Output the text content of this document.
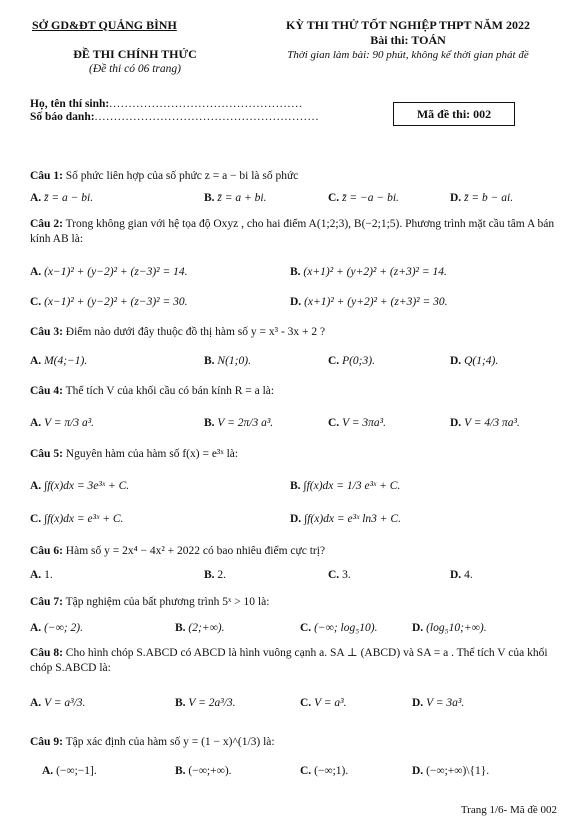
SỞ GD&ĐT QUẢNG BÌNH
ĐỀ THI CHÍNH THỨC
(Đề thi có 06 trang)
KỲ THI THỬ TỐT NGHIỆP THPT NĂM 2022
Bài thi: TOÁN
Thời gian làm bài: 90 phút, không kể thời gian phát đề
Họ, tên thí sinh:..................................................
Số báo danh:..........................................................	Mã đề thi: 002
Câu 1: Số phức liên hợp của số phức z = a − bi là số phức
A. z̄ = a − bi.	B. z̄ = a + bi.	C. z̄ = −a − bi.	D. z̄ = b − ai.
Câu 2: Trong không gian với hệ tọa độ Oxyz , cho hai điểm A(1;2;3), B(−2;1;5). Phương trình mặt cầu tâm A bán kính AB là:
A. (x−1)² + (y−2)² + (z−3)² = 14.	B. (x+1)² + (y+2)² + (z+3)² = 14.
C. (x−1)² + (y−2)² + (z−3)² = 30.	D. (x+1)² + (y+2)² + (z+3)² = 30.
Câu 3: Điểm nào dưới đây thuộc đồ thị hàm số y = x³ - 3x + 2 ?
A. M(4;−1).	B. N(1;0).	C. P(0;3).	D. Q(1;4).
Câu 4: Thể tích V của khối cầu có bán kính R = a là:
A. V = π/3 a³.	B. V = 2π/3 a³.	C. V = 3πa³.	D. V = 4/3 πa³.
Câu 5: Nguyên hàm của hàm số f(x) = e³ˣ là:
A. ∫f(x)dx = 3e³ˣ + C.	B. ∫f(x)dx = 1/3 e³ˣ + C.
C. ∫f(x)dx = e³ˣ + C.	D. ∫f(x)dx = e³ˣ ln3 + C.
Câu 6: Hàm số y = 2x⁴ − 4x² + 2022 có bao nhiêu điểm cực trị?
A. 1.	B. 2.	C. 3.	D. 4.
Câu 7: Tập nghiệm của bất phương trình 5ˣ > 10 là:
A. (−∞; 2).	B. (2;+∞).	C. (−∞; log₅10).	D. (log₅10;+∞).
Câu 8: Cho hình chóp S.ABCD có ABCD là hình vuông cạnh a. SA ⊥ (ABCD) và SA = a . Thể tích V của khối chóp S.ABCD là:
A. V = a³/3.	B. V = 2a³/3.	C. V = a³.	D. V = 3a³.
Câu 9: Tập xác định của hàm số y = (1 − x)^(1/3) là:
A. (−∞;−1].	B. (−∞;+∞).	C. (−∞;1).	D. (−∞;+∞)\{1}.
Trang 1/6- Mã đề 002
